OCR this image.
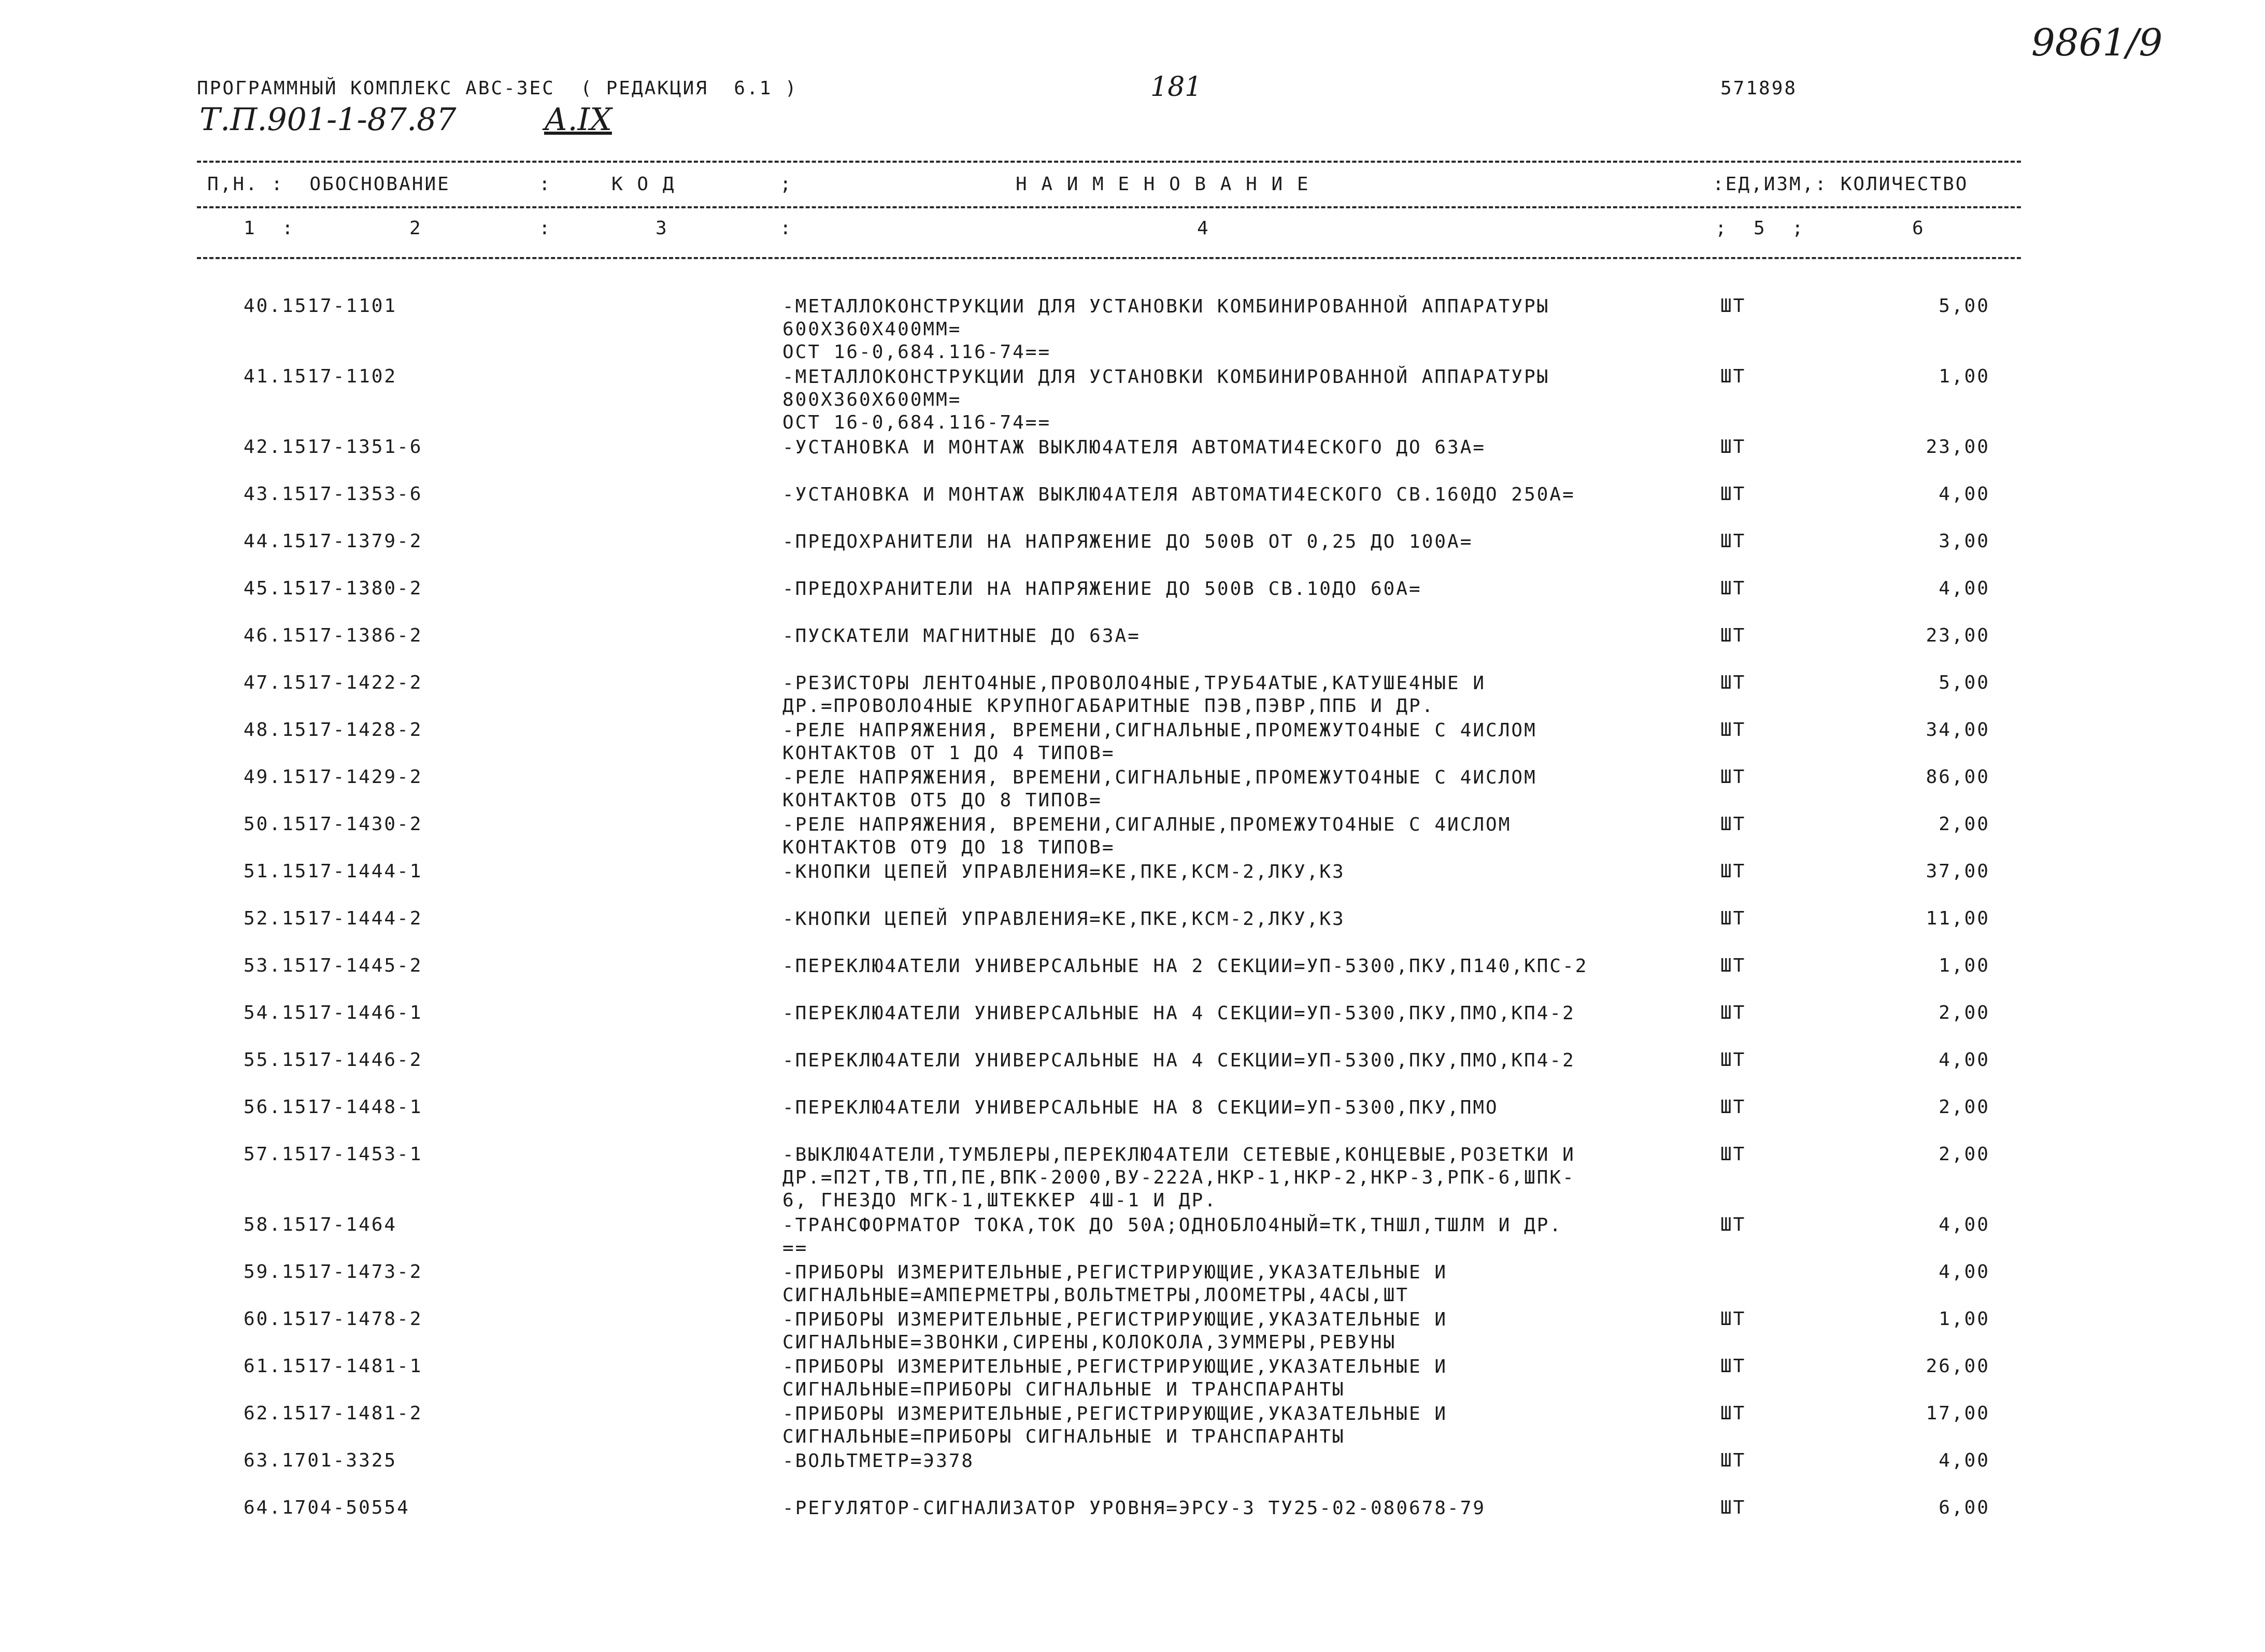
ПРОГРАММНЫЙ КОМПЛЕКС АВС-3ЕС  ( РЕДАКЦИЯ  6.1 )	181	571898
Т.П.901-1-87.87	А.IX
9861/9
П,Н. :  ОБОСНОВАНИЕ	:	К О Д	;	Н А И М Е Н О В А Н И Е	:ЕД,ИЗМ,: КОЛИЧЕСТВО
1  :	2	:	3	:	4	;  5  ;	6
40.1517-1101	-МЕТАЛЛОКОНСТРУКЦИИ ДЛЯ УСТАНОВКИ КОМБИНИРОВАННОЙ АППАРАТУРЫ
600Х360Х400ММ=
ОСТ 16-0,684.116-74==
ШТ	5,00
41.1517-1102	-МЕТАЛЛОКОНСТРУКЦИИ ДЛЯ УСТАНОВКИ КОМБИНИРОВАННОЙ АППАРАТУРЫ
800Х360Х600ММ=
ОСТ 16-0,684.116-74==
ШТ	1,00
42.1517-1351-6	-УСТАНОВКА И МОНТАЖ ВЫКЛЮ4АТЕЛЯ АВТОМАТИ4ЕСКОГО ДО 63А=	ШТ	23,00
43.1517-1353-6	-УСТАНОВКА И МОНТАЖ ВЫКЛЮ4АТЕЛЯ АВТОМАТИ4ЕСКОГО СВ.160ДО 250А=	ШТ	4,00
44.1517-1379-2	-ПРЕДОХРАНИТЕЛИ НА НАПРЯЖЕНИЕ ДО 500В ОТ 0,25 ДО 100А=	ШТ	3,00
45.1517-1380-2	-ПРЕДОХРАНИТЕЛИ НА НАПРЯЖЕНИЕ ДО 500В СВ.10ДО 60А=	ШТ	4,00
46.1517-1386-2	-ПУСКАТЕЛИ МАГНИТНЫЕ ДО 63А=	ШТ	23,00
47.1517-1422-2	-РЕЗИСТОРЫ ЛЕНТО4НЫЕ,ПРОВОЛО4НЫЕ,ТРУБ4АТЫЕ,КАТУШЕ4НЫЕ И
ДР.=ПРОВОЛО4НЫЕ КРУПНОГАБАРИТНЫЕ ПЭВ,ПЭВР,ППБ И ДР.
ШТ	5,00
48.1517-1428-2	-РЕЛЕ НАПРЯЖЕНИЯ, ВРЕМЕНИ,СИГНАЛЬНЫЕ,ПРОМЕЖУТО4НЫЕ С 4ИСЛОМ
КОНТАКТОВ ОТ 1 ДО 4 ТИПОВ=
ШТ	34,00
49.1517-1429-2	-РЕЛЕ НАПРЯЖЕНИЯ, ВРЕМЕНИ,СИГНАЛЬНЫЕ,ПРОМЕЖУТО4НЫЕ С 4ИСЛОМ
КОНТАКТОВ ОТ5 ДО 8 ТИПОВ=
ШТ	86,00
50.1517-1430-2	-РЕЛЕ НАПРЯЖЕНИЯ, ВРЕМЕНИ,СИГАЛНЫЕ,ПРОМЕЖУТО4НЫЕ С 4ИСЛОМ
КОНТАКТОВ ОТ9 ДО 18 ТИПОВ=
ШТ	2,00
51.1517-1444-1	-КНОПКИ ЦЕПЕЙ УПРАВЛЕНИЯ=КЕ,ПКЕ,КСМ-2,ЛКУ,КЗ	ШТ	37,00
52.1517-1444-2	-КНОПКИ ЦЕПЕЙ УПРАВЛЕНИЯ=КЕ,ПКЕ,КСМ-2,ЛКУ,КЗ	ШТ	11,00
53.1517-1445-2	-ПЕРЕКЛЮ4АТЕЛИ УНИВЕРСАЛЬНЫЕ НА 2 СЕКЦИИ=УП-5300,ПКУ,П140,КПС-2	ШТ	1,00
54.1517-1446-1	-ПЕРЕКЛЮ4АТЕЛИ УНИВЕРСАЛЬНЫЕ НА 4 СЕКЦИИ=УП-5300,ПКУ,ПМО,КП4-2	ШТ	2,00
55.1517-1446-2	-ПЕРЕКЛЮ4АТЕЛИ УНИВЕРСАЛЬНЫЕ НА 4 СЕКЦИИ=УП-5300,ПКУ,ПМО,КП4-2	ШТ	4,00
56.1517-1448-1	-ПЕРЕКЛЮ4АТЕЛИ УНИВЕРСАЛЬНЫЕ НА 8 СЕКЦИИ=УП-5300,ПКУ,ПМО	ШТ	2,00
57.1517-1453-1	-ВЫКЛЮ4АТЕЛИ,ТУМБЛЕРЫ,ПЕРЕКЛЮ4АТЕЛИ СЕТЕВЫЕ,КОНЦЕВЫЕ,РОЗЕТКИ И
ДР.=П2Т,ТВ,ТП,ПЕ,ВПК-2000,ВУ-222А,НКР-1,НКР-2,НКР-3,РПК-6,ШПК-
6, ГНЕЗДО МГК-1,ШТЕККЕР 4Ш-1 И ДР.
ШТ	2,00
58.1517-1464	-ТРАНСФОРМАТОР ТОКА,ТОК ДО 50А;ОДНОБЛО4НЫЙ=ТК,ТНШЛ,ТШЛМ И ДР.
==
ШТ	4,00
59.1517-1473-2	-ПРИБОРЫ ИЗМЕРИТЕЛЬНЫЕ,РЕГИСТРИРУЮЩИЕ,УКАЗАТЕЛЬНЫЕ И
СИГНАЛЬНЫЕ=АМПЕРМЕТРЫ,ВОЛЬТМЕТРЫ,ЛООМЕТРЫ,4АСЫ,ШТ
4,00
60.1517-1478-2	-ПРИБОРЫ ИЗМЕРИТЕЛЬНЫЕ,РЕГИСТРИРУЮЩИЕ,УКАЗАТЕЛЬНЫЕ И
СИГНАЛЬНЫЕ=ЗВОНКИ,СИРЕНЫ,КОЛОКОЛА,ЗУММЕРЫ,РЕВУНЫ
ШТ	1,00
61.1517-1481-1	-ПРИБОРЫ ИЗМЕРИТЕЛЬНЫЕ,РЕГИСТРИРУЮЩИЕ,УКАЗАТЕЛЬНЫЕ И
СИГНАЛЬНЫЕ=ПРИБОРЫ СИГНАЛЬНЫЕ И ТРАНСПАРАНТЫ
ШТ	26,00
62.1517-1481-2	-ПРИБОРЫ ИЗМЕРИТЕЛЬНЫЕ,РЕГИСТРИРУЮЩИЕ,УКАЗАТЕЛЬНЫЕ И
СИГНАЛЬНЫЕ=ПРИБОРЫ СИГНАЛЬНЫЕ И ТРАНСПАРАНТЫ
ШТ	17,00
63.1701-3325	-ВОЛЬТМЕТР=Э378	ШТ	4,00
64.1704-50554	-РЕГУЛЯТОР-СИГНАЛИЗАТОР УРОВНЯ=ЭРСУ-3 ТУ25-02-080678-79	ШТ	6,00
